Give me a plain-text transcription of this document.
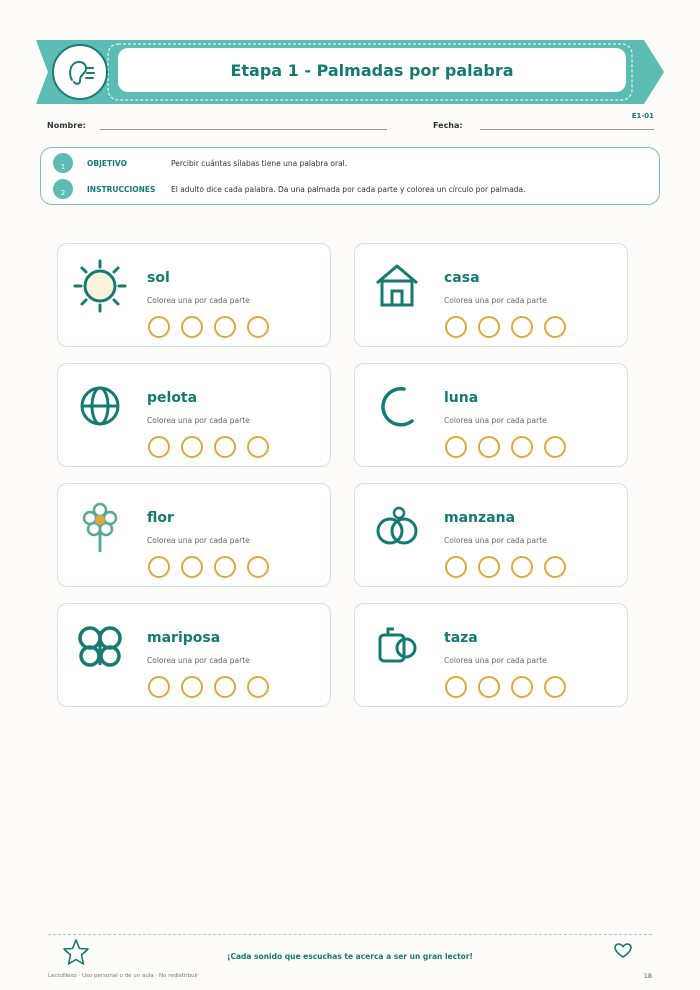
Etapa 1 - Palmadas por palabra
E1-01
Nombre:	Fecha:
1	OBJETIVO	Percibir cuántas sílabas tiene una palabra oral.
2	INSTRUCCIONES	El adulto dice cada palabra. Da una palmada por cada parte y colorea un círculo por palmada.
sol
Colorea una por cada parte
casa
Colorea una por cada parte
pelota
Colorea una por cada parte
luna
Colorea una por cada parte
flor
Colorea una por cada parte
manzana
Colorea una por cada parte
mariposa
Colorea una por cada parte
taza
Colorea una por cada parte
¡Cada sonido que escuchas te acerca a ser un gran lector!
LectoNexo · Uso personal o de un aula · No redistribuir	18
